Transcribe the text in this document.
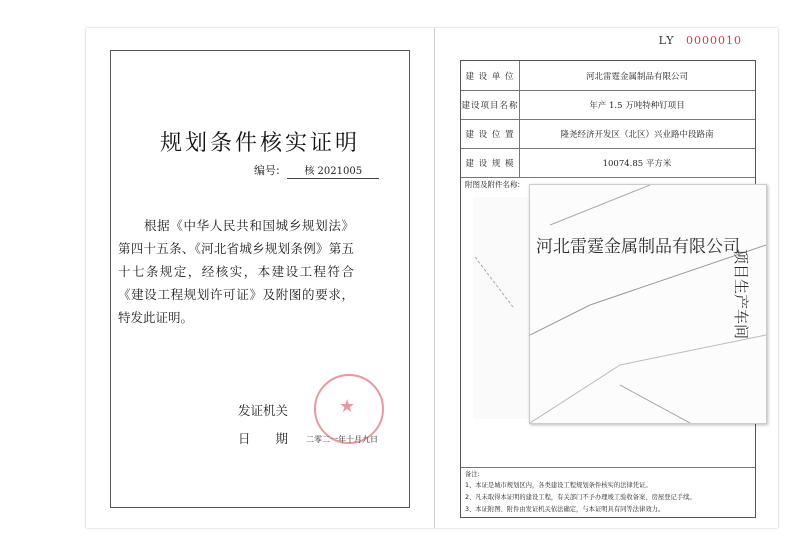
规划条件核实证明
编号: 核 2021005
根据《中华人民共和国城乡规划法》第四十五条、《河北省城乡规划条例》第五十七条规定，经核实，本建设工程符合《建设工程规划许可证》及附图的要求，特发此证明。
发证机关
日　　期 二零二一年十月九日
★
LY 0000010
建 设 单 位	河北雷霆金属制品有限公司
建设项目名称	年产 1.5 万吨特种钉项目
建 设 位 置	隆尧经济开发区（北区）兴业路中段路南
建 设 规 模	10074.85 平方米
附图及附件名称:
河北雷霆金属制品有限公司
项目生产车间
备注:
1、本证是城市规划区内，各类建设工程规划条件核实的法律凭证。
2、凡未取得本证明的建设工程，有关部门不予办理竣工验收备案、房屋登记手续。
3、本证附图、附件由发证机关依法确定，与本证明具有同等法律效力。
